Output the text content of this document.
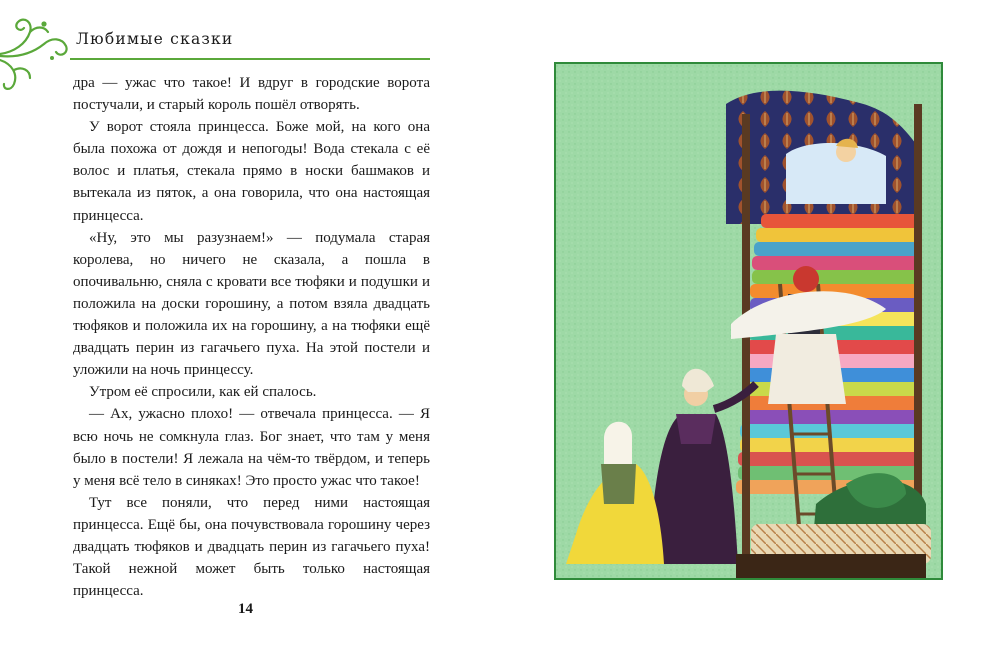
Любимые сказки

дра — ужас что такое! И вдруг в городские ворота постучали, и старый король пошёл отворять.

У ворот стояла принцесса. Боже мой, на кого она была похожа от дождя и непогоды! Вода стекала с её волос и платья, стекала прямо в носки башмаков и вытекала из пяток, а она говорила, что она настоящая принцесса.

«Ну, это мы разузнаем!» — подумала старая королева, но ничего не сказала, а пошла в опочивальню, сняла с кровати все тюфяки и подушки и положила на доски горошину, а потом взяла двадцать тюфяков и положила их на горошину, а на тюфяки ещё двадцать перин из гагачьего пуха. На этой постели и уложили на ночь принцессу.

Утром её спросили, как ей спалось.

— Ах, ужасно плохо! — отвечала принцесса. — Я всю ночь не сомкнула глаз. Бог знает, что там у меня было в постели! Я лежала на чём-то твёрдом, и теперь у меня всё тело в синяках! Это просто ужас что такое!

Тут все поняли, что перед ними настоящая принцесса. Ещё бы, она почувствовала горошину через двадцать тюфяков и двадцать перин из гагачьего пуха! Такой нежной может быть только настоящая принцесса.

14
